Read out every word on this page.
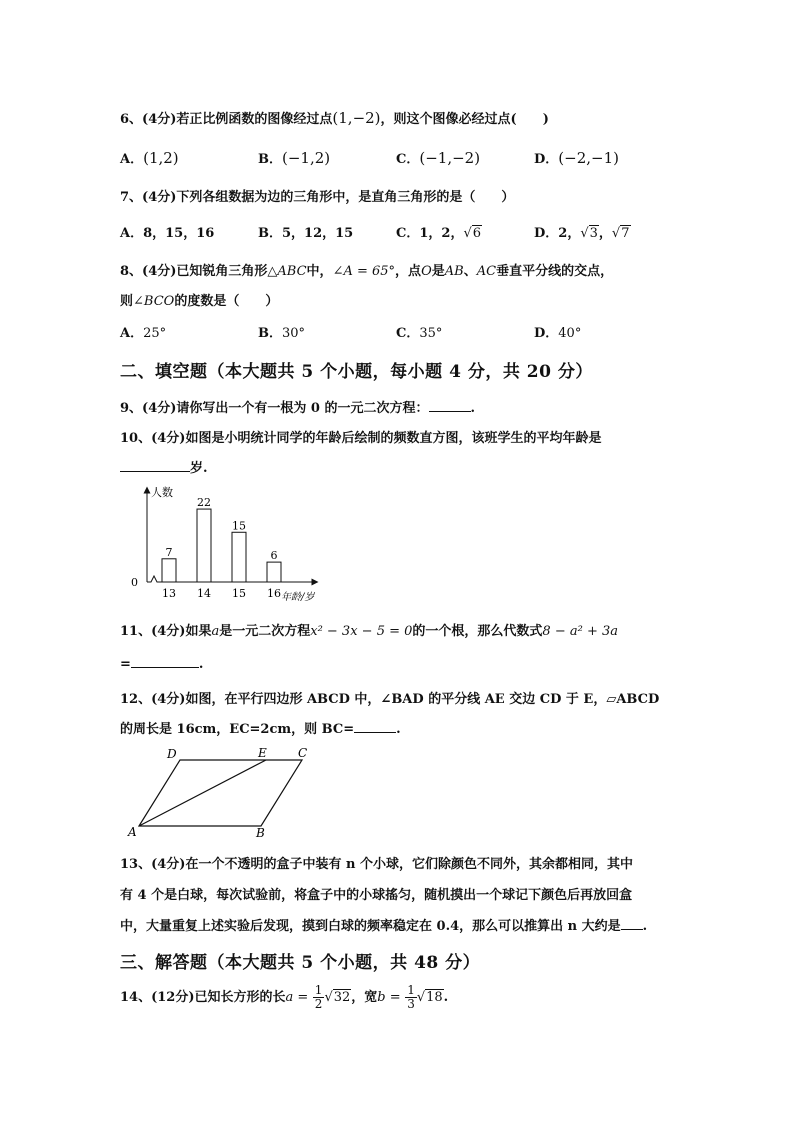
6、(4分)若正比例函数的图像经过点(1,−2)，则这个图像必经过点(　　)
A．(1,2)	B．(−1,2)	C．(−1,−2)	D．(−2,−1)
7、(4分)下列各组数据为边的三角形中，是直角三角形的是（　　）
A．8，15，16	B．5，12，15	C．1，2，√6	D．2，√3，√7
8、(4分)已知锐角三角形△ABC中，∠A = 65°，点O是AB、AC垂直平分线的交点，
则∠BCO的度数是（　　）
A．25°	B．30°	C．35°	D．40°
二、填空题（本大题共 5 个小题，每小题 4 分，共 20 分）
9、(4分)请你写出一个有一根为 0 的一元二次方程：	.
10、(4分)如图是小明统计同学的年龄后绘制的频数直方图，该班学生的平均年龄是
岁.
人数
年龄/岁
0
7
13
22
14
15
15
6
16
11、(4分)如果a是一元二次方程x² − 3x − 5 = 0的一个根，那么代数式8 − a² + 3a
=	.
12、(4分)如图，在平行四边形 ABCD 中，∠BAD 的平分线 AE 交边 CD 于 E，▱ABCD
的周长是 16cm，EC=2cm，则 BC=	.
D	E	C
A	B
13、(4分)在一个不透明的盒子中装有 n 个小球，它们除颜色不同外，其余都相同，其中
有 4 个是白球，每次试验前，将盒子中的小球搖匀，随机摸出一个球记下颜色后再放回盒
中，大量重复上述实验后发现，摸到白球的频率稳定在 0.4，那么可以推算出 n 大约是 .
三、解答题（本大题共 5 个小题，共 48 分）
14、(12分)已知长方形的长$a = \frac{1}{2} √32$，宽$b = \frac{1}{3} √18$.
